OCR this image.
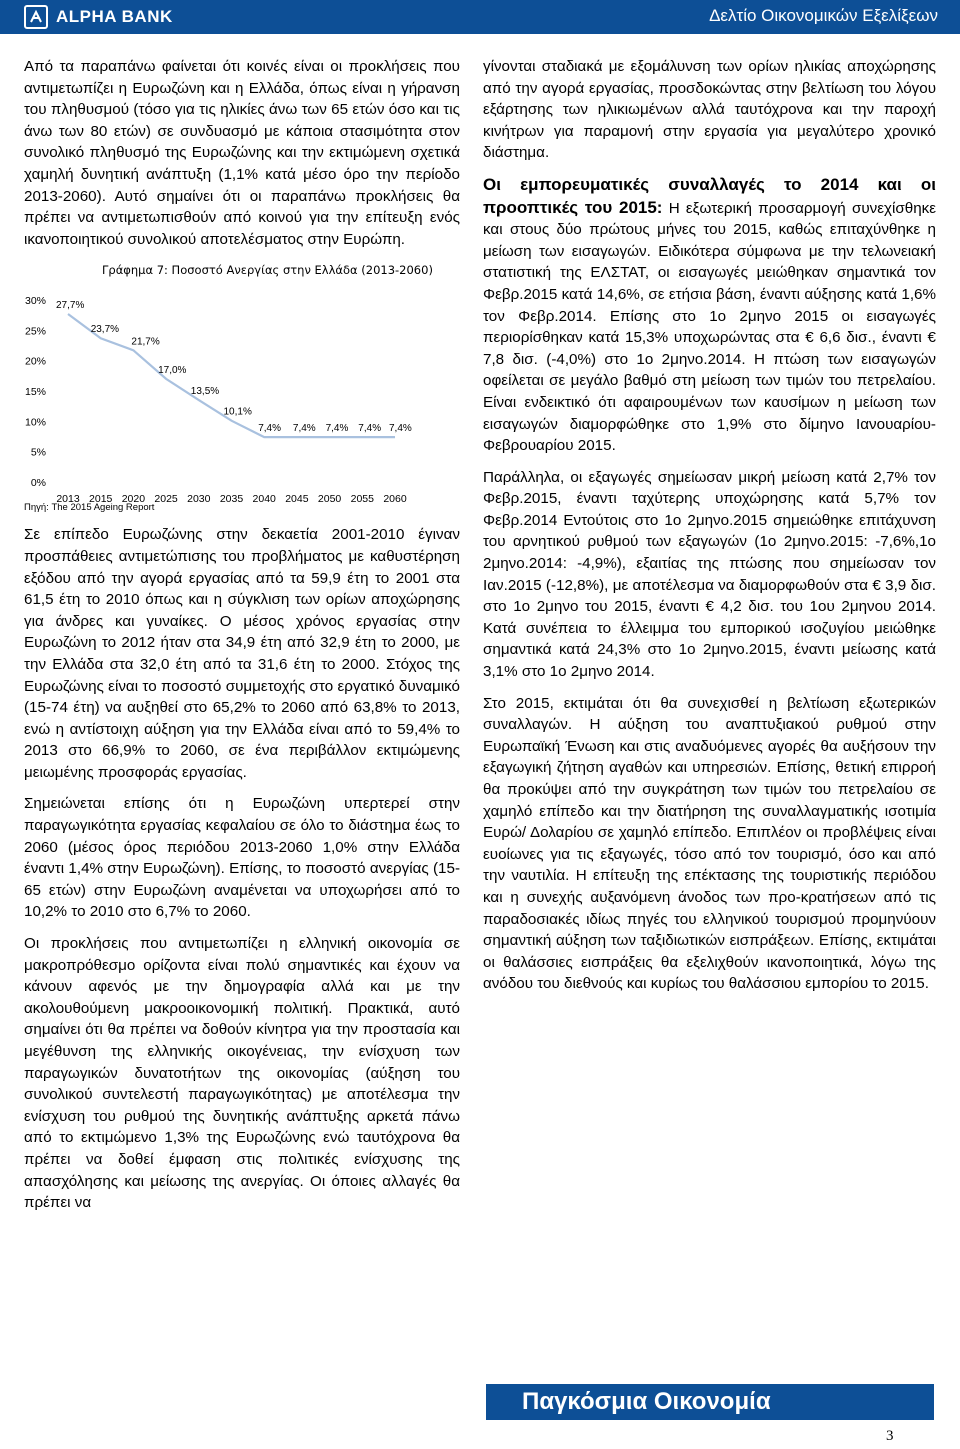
ALPHA BANK	Δελτίο Οικονομικών Εξελίξεων

Από τα παραπάνω φαίνεται ότι κοινές είναι οι προκλήσεις που αντιμετωπίζει η Ευρωζώνη και η Ελλάδα, όπως είναι η γήρανση του πληθυσμού (τόσο για τις ηλικίες άνω των 65 ετών όσο και τις άνω των 80 ετών) σε συνδυασμό με κάποια στασιμότητα στον συνολικό πληθυσμό της Ευρωζώνης και την εκτιμώμενη σχετικά χαμηλή δυνητική ανάπτυξη (1,1% κατά μέσο όρο την περίοδο 2013-2060). Αυτό σημαίνει ότι οι παραπάνω προκλήσεις θα πρέπει να αντιμετωπισθούν από κοινού για την επίτευξη ενός ικανοποιητικού συνολικού αποτελέσματος στην Ευρώπη.

Γράφημα 7: Ποσοστό Ανεργίας στην Ελλάδα (2013-2060)
0%
5%
10%
15%
20%
25%
30%
2013 2015 2020 2025 2030 2035 2040 2045 2050 2055 2060
27,7%
23,7%
21,7%
17,0%
13,5%
10,1%
7,4% 7,4% 7,4% 7,4% 7,4%
Πηγή: The 2015 Ageing Report

Σε επίπεδο Ευρωζώνης στην δεκαετία 2001-2010 έγιναν προσπάθειες αντιμετώπισης του προβλήματος με καθυστέρηση εξόδου από την αγορά εργασίας από τα 59,9 έτη το 2001 στα 61,5 έτη το 2010 όπως και η σύγκλιση των ορίων αποχώρησης για άνδρες και γυναίκες. Ο μέσος χρόνος εργασίας στην Ευρωζώνη το 2012 ήταν στα 34,9 έτη από 32,9 έτη το 2000, με την Ελλάδα στα 32,0 έτη από τα 31,6 έτη το 2000. Στόχος της Ευρωζώνης είναι το ποσοστό συμμετοχής στο εργατικό δυναμικό (15-74 έτη) να αυξηθεί στο 65,2% το 2060 από 63,8% το 2013, ενώ η αντίστοιχη αύξηση για την Ελλάδα είναι από το 59,4% το 2013 στο 66,9% το 2060, σε ένα περιβάλλον εκτιμώμενης μειωμένης προσφοράς εργασίας.

Σημειώνεται επίσης ότι η Ευρωζώνη υπερτερεί στην παραγωγικότητα εργασίας κεφαλαίου σε όλο το διάστημα έως το 2060 (μέσος όρος περιόδου 2013-2060 1,0% στην Ελλάδα έναντι 1,4% στην Ευρωζώνη). Επίσης, το ποσοστό ανεργίας (15-65 ετών) στην Ευρωζώνη αναμένεται να υποχωρήσει από το 10,2% το 2010 στο 6,7% το 2060.

Οι προκλήσεις που αντιμετωπίζει η ελληνική οικονομία σε μακροπρόθεσμο ορίζοντα είναι πολύ σημαντικές και έχουν να κάνουν αφενός με την δημογραφία αλλά και με την ακολουθούμενη μακροοικονομική πολιτική. Πρακτικά, αυτό σημαίνει ότι θα πρέπει να δοθούν κίνητρα για την προστασία και μεγέθυνση της ελληνικής οικογένειας, την ενίσχυση των παραγωγικών δυνατοτήτων της οικονομίας (αύξηση του συνολικού συντελεστή παραγωγικότητας) με αποτέλεσμα την ενίσχυση του ρυθμού της δυνητικής ανάπτυξης αρκετά πάνω από το εκτιμώμενο 1,3% της Ευρωζώνης ενώ ταυτόχρονα θα πρέπει να δοθεί έμφαση στις πολιτικές ενίσχυσης της απασχόλησης και μείωσης της ανεργίας. Οι όποιες αλλαγές θα πρέπει να

γίνονται σταδιακά με εξομάλυνση των ορίων ηλικίας αποχώρησης από την αγορά εργασίας, προσδοκώντας στην βελτίωση του λόγου εξάρτησης των ηλικιωμένων αλλά ταυτόχρονα και την παροχή κινήτρων για παραμονή στην εργασία για μεγαλύτερο χρονικό διάστημα.

Οι εμπορευματικές συναλλαγές το 2014 και οι προοπτικές του 2015: Η εξωτερική προσαρμογή συνεχίσθηκε και στους δύο πρώτους μήνες του 2015, καθώς επιταχύνθηκε η μείωση των εισαγωγών. Ειδικότερα σύμφωνα με την τελωνειακή στατιστική της ΕΛΣΤΑΤ, οι εισαγωγές μειώθηκαν σημαντικά τον Φεβρ.2015 κατά 14,6%, σε ετήσια βάση, έναντι αύξησης κατά 1,6% τον Φεβρ.2014. Επίσης στο 1ο 2μηνο 2015 οι εισαγωγές περιορίσθηκαν κατά 15,3% υποχωρώντας στα € 6,6 δισ., έναντι € 7,8 δισ. (-4,0%) στο 1ο 2μηνο.2014. Η πτώση των εισαγωγών οφείλεται σε μεγάλο βαθμό στη μείωση των τιμών του πετρελαίου. Είναι ενδεικτικό ότι αφαιρουμένων των καυσίμων η μείωση των εισαγωγών διαμορφώθηκε στο 1,9% στο δίμηνο Ιανουαρίου-Φεβρουαρίου 2015.

Παράλληλα, οι εξαγωγές σημείωσαν μικρή μείωση κατά 2,7% τον Φεβρ.2015, έναντι ταχύτερης υποχώρησης κατά 5,7% τον Φεβρ.2014 Εντούτοις στο 1ο 2μηνο.2015 σημειώθηκε επιτάχυνση του αρνητικού ρυθμού των εξαγωγών (1ο 2μηνο.2015: -7,6%,1ο 2μηνο.2014: -4,9%), εξαιτίας της πτώσης που σημείωσαν τον Ιαν.2015 (-12,8%), με αποτέλεσμα να διαμορφωθούν στα € 3,9 δισ. στο 1ο 2μηνο του 2015, έναντι € 4,2 δισ. του 1ου 2μηνου 2014. Κατά συνέπεια το έλλειμμα του εμπορικού ισοζυγίου μειώθηκε σημαντικά κατά 24,3% στο 1ο 2μηνο.2015, έναντι μείωσης κατά 3,1% στο 1ο 2μηνο 2014.

Στο 2015, εκτιμάται ότι θα συνεχισθεί η βελτίωση εξωτερικών συναλλαγών. Η αύξηση του αναπτυξιακού ρυθμού στην Ευρωπαϊκή Ένωση και στις αναδυόμενες αγορές θα αυξήσουν την εξαγωγική ζήτηση αγαθών και υπηρεσιών. Επίσης, θετική επιρροή θα προκύψει από την συγκράτηση των τιμών του πετρελαίου σε χαμηλό επίπεδο και την διατήρηση της συναλλαγματικής ισοτιμία Ευρώ/ Δολαρίου σε χαμηλό επίπεδο. Επιπλέον οι προβλέψεις είναι ευοίωνες για τις εξαγωγές, τόσο από τον τουρισμό, όσο και από την ναυτιλία. Η επίτευξη της επέκτασης της τουριστικής περιόδου και η συνεχής αυξανόμενη άνοδος των προ-κρατήσεων από τις παραδοσιακές ιδίως πηγές του ελληνικού τουρισμού προμηνύουν σημαντική αύξηση των ταξιδιωτικών εισπράξεων. Επίσης, εκτιμάται οι θαλάσσιες εισπράξεις θα εξελιχθούν ικανοποιητικά, λόγω της ανόδου του διεθνούς και κυρίως του θαλάσσιου εμπορίου το 2015.

Παγκόσμια Οικονομία
3
